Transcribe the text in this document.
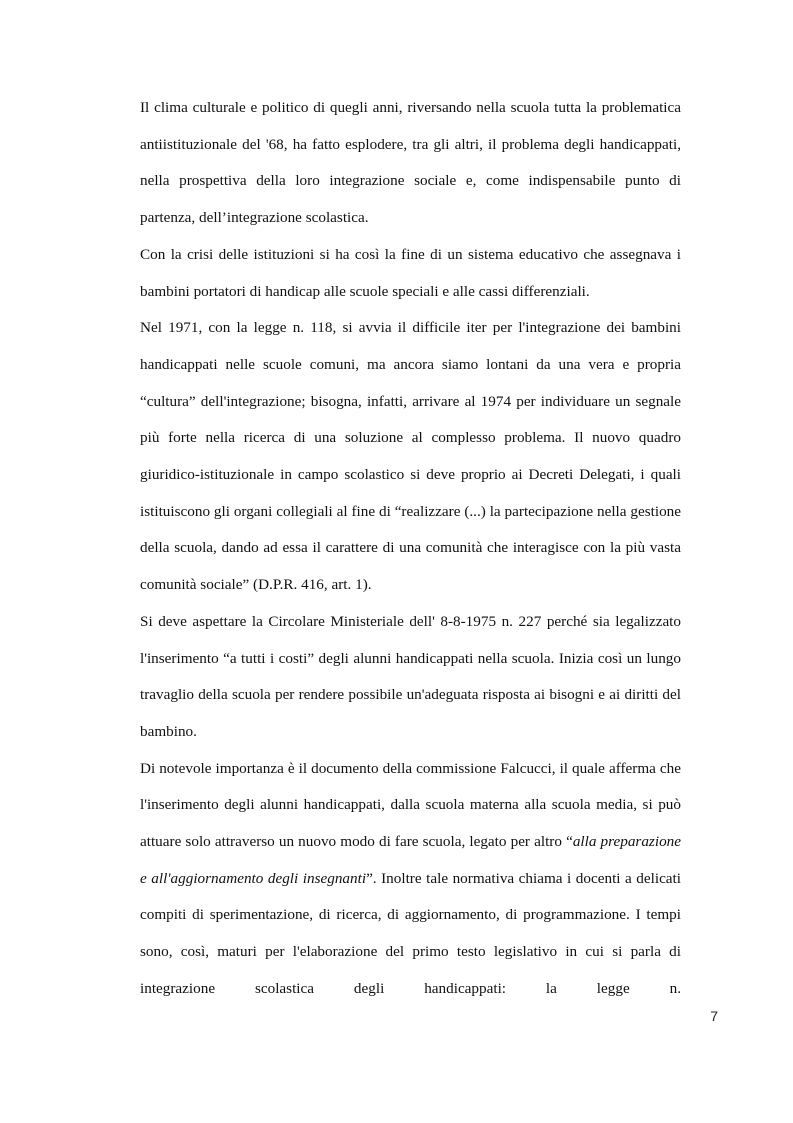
Il clima culturale e politico di quegli anni, riversando nella scuola tutta la problematica antiistituzionale del '68, ha fatto esplodere, tra gli altri, il problema degli handicappati, nella prospettiva della loro integrazione sociale e, come indispensabile punto di partenza, dell’integrazione scolastica.

Con la crisi delle istituzioni si ha così la fine di un sistema educativo che assegnava i bambini portatori di handicap alle scuole speciali e alle cassi differenziali.

Nel 1971, con la legge n. 118, si avvia il difficile iter per l'integrazione dei bambini handicappati nelle scuole comuni, ma ancora siamo lontani da una vera e propria “cultura” dell'integrazione; bisogna, infatti, arrivare al 1974 per individuare un segnale più forte nella ricerca di una soluzione al complesso problema. Il nuovo quadro giuridico-istituzionale in campo scolastico si deve proprio ai Decreti Delegati, i quali istituiscono gli organi collegiali al fine di “realizzare (...) la partecipazione nella gestione della scuola, dando ad essa il carattere di una comunità che interagisce con la più vasta comunità sociale” (D.P.R. 416, art. 1).

Si deve aspettare la Circolare Ministeriale dell' 8-8-1975 n. 227 perché sia legalizzato l'inserimento “a tutti i costi” degli alunni handicappati nella scuola. Inizia così un lungo travaglio della scuola per rendere possibile un'adeguata risposta ai bisogni e ai diritti del bambino.

Di notevole importanza è il documento della commissione Falcucci, il quale afferma che l'inserimento degli alunni handicappati, dalla scuola materna alla scuola media, si può attuare solo attraverso un nuovo modo di fare scuola, legato per altro “alla preparazione e all'aggiornamento degli insegnanti”. Inoltre tale normativa chiama i docenti a delicati compiti di sperimentazione, di ricerca, di aggiornamento, di programmazione. I tempi sono, così, maturi per l'elaborazione del primo testo legislativo in cui si parla di integrazione scolastica degli handicappati: la legge n.

7
